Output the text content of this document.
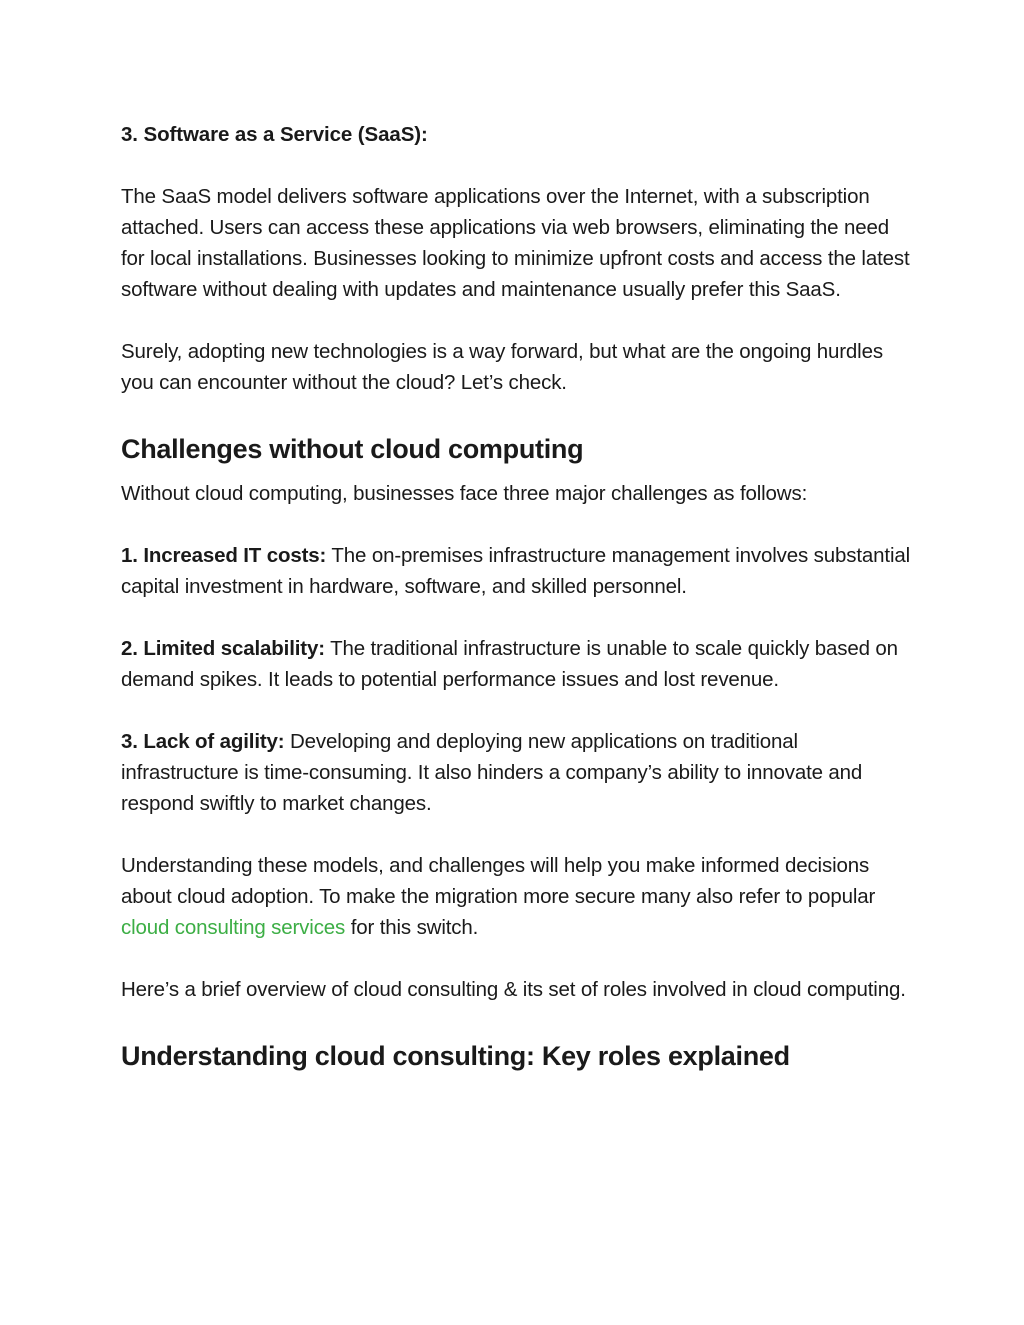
3. Software as a Service (SaaS):

The SaaS model delivers software applications over the Internet, with a subscription attached. Users can access these applications via web browsers, eliminating the need for local installations. Businesses looking to minimize upfront costs and access the latest software without dealing with updates and maintenance usually prefer this SaaS.

Surely, adopting new technologies is a way forward, but what are the ongoing hurdles you can encounter without the cloud? Let’s check.

Challenges without cloud computing

Without cloud computing, businesses face three major challenges as follows:

1. Increased IT costs: The on-premises infrastructure management involves substantial capital investment in hardware, software, and skilled personnel.

2. Limited scalability: The traditional infrastructure is unable to scale quickly based on demand spikes. It leads to potential performance issues and lost revenue.

3. Lack of agility: Developing and deploying new applications on traditional infrastructure is time-consuming. It also hinders a company’s ability to innovate and respond swiftly to market changes.

Understanding these models, and challenges will help you make informed decisions about cloud adoption. To make the migration more secure many also refer to popular cloud consulting services for this switch.

Here’s a brief overview of cloud consulting & its set of roles involved in cloud computing.

Understanding cloud consulting: Key roles explained
